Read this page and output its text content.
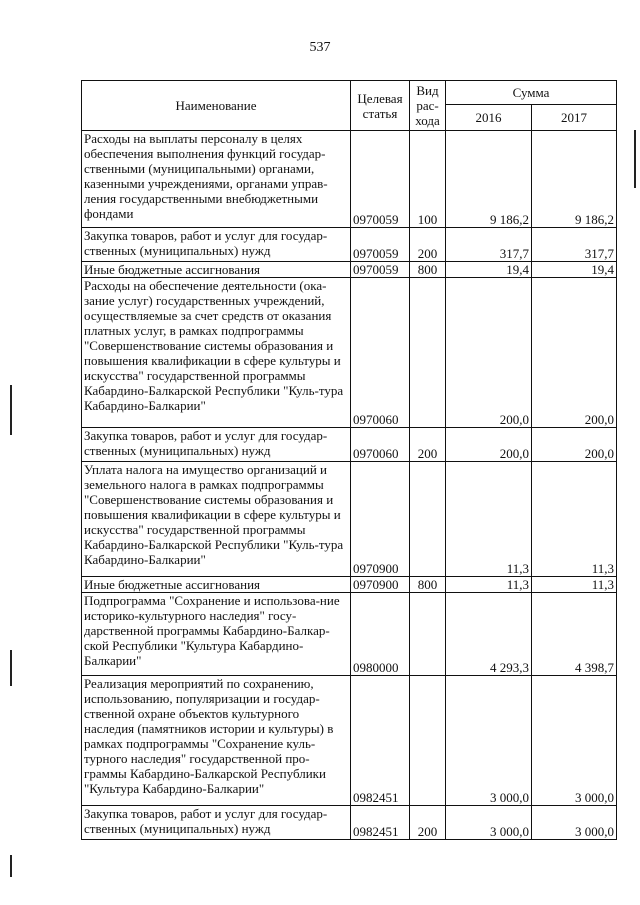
537
Наименование	Целевая статья	Вид рас-хода	Сумма	
			2016	2017
Расходы на выплаты персоналу в целях обеспечения выполнения функций государ-ственными (муниципальными) органами, казенными учреждениями, органами управ-ления государственными внебюджетными фондами	0970059	100	9 186,2	9 186,2
Закупка товаров, работ и услуг для государ-ственных (муниципальных) нужд	0970059	200	317,7	317,7
Иные бюджетные ассигнования	0970059	800	19,4	19,4
Расходы на обеспечение деятельности (ока-зание услуг) государственных учреждений, осуществляемые за счет средств от оказания платных услуг, в рамках подпрограммы "Совершенствование системы образования и повышения квалификации в сфере культуры и искусства" государственной программы Кабардино-Балкарской Республики "Куль-тура Кабардино-Балкарии"	0970060		200,0	200,0
Закупка товаров, работ и услуг для государ-ственных (муниципальных) нужд	0970060	200	200,0	200,0
Уплата налога на имущество организаций и земельного налога в рамках подпрограммы "Совершенствование системы образования и повышения квалификации в сфере культуры и искусства" государственной программы Кабардино-Балкарской Республики "Куль-тура Кабардино-Балкарии"	0970900		11,3	11,3
Иные бюджетные ассигнования	0970900	800	11,3	11,3
Подпрограмма "Сохранение и использова-ние историко-культурного наследия" госу-дарственной программы Кабардино-Балкар-ской Республики "Культура Кабардино-Балкарии"	0980000		4 293,3	4 398,7
Реализация мероприятий по сохранению, использованию, популяризации и государ-ственной охране объектов культурного наследия (памятников истории и культуры) в рамках подпрограммы "Сохранение куль-турного наследия" государственной про-граммы Кабардино-Балкарской Республики "Культура Кабардино-Балкарии"	0982451		3 000,0	3 000,0
Закупка товаров, работ и услуг для государ-ственных (муниципальных) нужд	0982451	200	3 000,0	3 000,0
